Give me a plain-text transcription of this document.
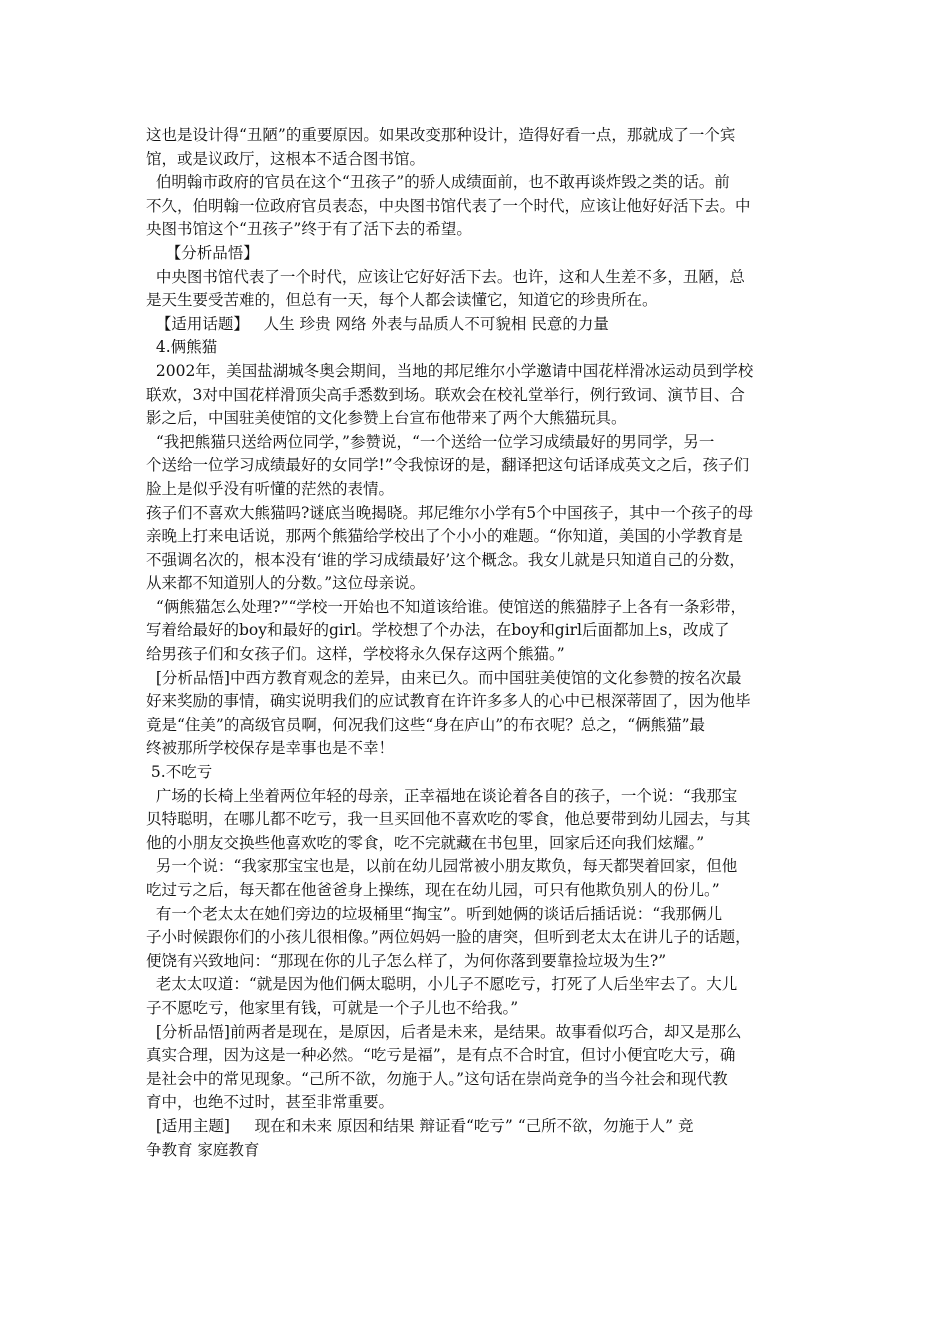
这也是设计得“丑陋”的重要原因。如果改变那种设计，造得好看一点，那就成了一个宾
馆，或是议政厅，这根本不适合图书馆。
伯明翰市政府的官员在这个“丑孩子”的骄人成绩面前，也不敢再谈炸毁之类的话。前
不久，伯明翰一位政府官员表态，中央图书馆代表了一个时代，应该让他好好活下去。中
央图书馆这个“丑孩子”终于有了活下去的希望。
【分析品悟】
中央图书馆代表了一个时代，应该让它好好活下去。也许，这和人生差不多，丑陋，总
是天生要受苦难的，但总有一天，每个人都会读懂它，知道它的珍贵所在。
【适用话题】   人生 珍贵 网络 外表与品质人不可貌相 民意的力量
4.俩熊猫
2002年，美国盐湖城冬奥会期间，当地的邦尼维尔小学邀请中国花样滑冰运动员到学校
联欢，3对中国花样滑顶尖高手悉数到场。联欢会在校礼堂举行，例行致词、演节目、合
影之后，中国驻美使馆的文化参赞上台宣布他带来了两个大熊猫玩具。
“我把熊猫只送给两位同学，”参赞说，“一个送给一位学习成绩最好的男同学，另一
个送给一位学习成绩最好的女同学!”令我惊讶的是，翻译把这句话译成英文之后，孩子们
脸上是似乎没有听懂的茫然的表情。
孩子们不喜欢大熊猫吗?谜底当晚揭晓。邦尼维尔小学有5个中国孩子，其中一个孩子的母
亲晚上打来电话说，那两个熊猫给学校出了个小小的难题。“你知道，美国的小学教育是
不强调名次的，根本没有‘谁的学习成绩最好’这个概念。我女儿就是只知道自己的分数，
从来都不知道别人的分数。”这位母亲说。
“俩熊猫怎么处理?”“学校一开始也不知道该给谁。使馆送的熊猫脖子上各有一条彩带，
写着给最好的boy和最好的girl。学校想了个办法，在boy和girl后面都加上s，改成了
给男孩子们和女孩子们。这样，学校将永久保存这两个熊猫。”
[分析品悟]中西方教育观念的差异，由来已久。而中国驻美使馆的文化参赞的按名次最
好来奖励的事情，确实说明我们的应试教育在许许多多人的心中已根深蒂固了，因为他毕
竟是“住美”的高级官员啊，何况我们这些“身在庐山”的布衣呢？总之，“俩熊猫”最
终被那所学校保存是幸事也是不幸！
5.不吃亏
广场的长椅上坐着两位年轻的母亲，正幸福地在谈论着各自的孩子，一个说：“我那宝
贝特聪明，在哪儿都不吃亏，我一旦买回他不喜欢吃的零食，他总要带到幼儿园去，与其
他的小朋友交换些他喜欢吃的零食，吃不完就藏在书包里，回家后还向我们炫耀。”
另一个说：“我家那宝宝也是，以前在幼儿园常被小朋友欺负，每天都哭着回家，但他
吃过亏之后，每天都在他爸爸身上操练，现在在幼儿园，可只有他欺负别人的份儿。”
有一个老太太在她们旁边的垃圾桶里“掏宝”。听到她俩的谈话后插话说：“我那俩儿
子小时候跟你们的小孩儿很相像。”两位妈妈一脸的唐突，但听到老太太在讲儿子的话题，
便饶有兴致地问：“那现在你的儿子怎么样了，为何你落到要靠捡垃圾为生?”
老太太叹道：“就是因为他们俩太聪明，小儿子不愿吃亏，打死了人后坐牢去了。大儿
子不愿吃亏，他家里有钱，可就是一个子儿也不给我。”
[分析品悟]前两者是现在，是原因，后者是未来，是结果。故事看似巧合，却又是那么
真实合理，因为这是一种必然。“吃亏是福”，是有点不合时宜，但讨小便宜吃大亏，确
是社会中的常见现象。“己所不欲，勿施于人。”这句话在崇尚竞争的当今社会和现代教
育中，也绝不过时，甚至非常重要。
[适用主题]     现在和未来 原因和结果 辩证看“吃亏” “己所不欲，勿施于人” 竞
争教育 家庭教育
